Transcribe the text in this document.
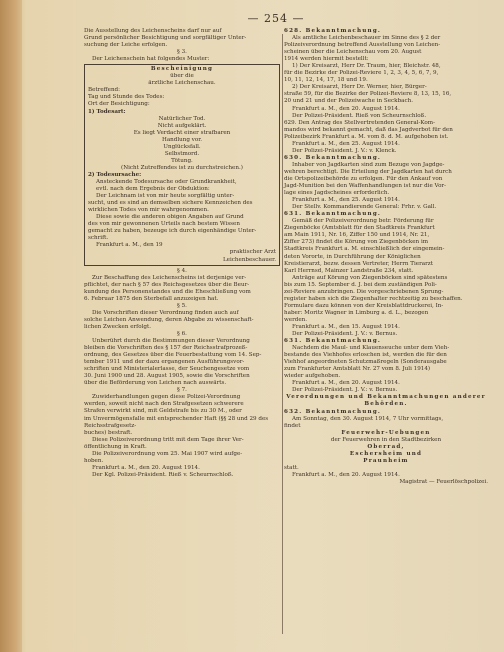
— 254 —

Die Ausstellung des Leichenscheins darf nur auf

Grund persönlicher Besichtigung und sorgfältiger Unter-

suchung der Leiche erfolgen.

§ 3.

Der Leichenschein hat folgendes Muster:

Bescheinigung

über die

ärztliche Leichenschau.

Betreffend:

Tag und Stunde des Todes:

Ort der Besichtigung:

1) Todesart:

Natürlicher Tod.

Nicht aufgeklärt.

Es liegt Verdacht einer strafbaren

Handlung vor.

Unglücksfall.

Selbstmord.

Tötung.

(Nicht Zutreffendes ist zu durchstreichen.)

2) Todesursache:

Ansteckende Todesursache oder Grundkrankheit,

evtl. nach dem Ergebnis der Obduktion:

Der Leichnam ist von mir heute sorgfältig unter-

sucht, und es sind an demselben sichere Kennzeichen des

wirklichen Todes von mir wahrgenommen.

Diese sowie die anderen obigen Angaben auf Grund

des von mir gewonnenen Urteils nach bestem Wissen

gemacht zu haben, bezeuge ich durch eigenhändige Unter-

schrift.

Frankfurt a. M., den 19

praktischer Arzt

Leichenbeschauer.

§ 4.

Zur Beschaffung des Leichenscheins ist derjenige ver-

pflichtet, der nach § 57 des Reichsgesetzes über die Beur-

kundung des Personenstandes und die Eheschließung vom

6. Februar 1875 den Sterbefall anzuzeigen hat.

§ 5.

Die Vorschriften dieser Verordnung finden auch auf

solche Leichen Anwendung, deren Abgabe zu wissenschaft-

lichen Zwecken erfolgt.

§ 6.

Unberührt durch die Bestimmungen dieser Verordnung

bleiben die Vorschriften des § 157 der Reichsstrafprozeß-

ordnung, des Gesetzes über die Feuerbestattung vom 14. Sep-

tember 1911 und der dazu ergangenen Ausführungsvor-

schriften und Ministerialerlasse, der Seuchengesetze vom

30. Juni 1900 und 28. August 1905, sowie die Vorschriften

über die Beförderung von Leichen nach auswärts.

§ 7.

Zuwiderhandlungen gegen diese Polizei-Verordnung

werden, soweit nicht nach den Strafgesetzen schwerere

Strafen verwirkt sind, mit Geldstrafe bis zu 30 M., oder

im Unvermögensfalle mit entsprechender Haft (§§ 28 und 29 des Reichsstrafgesetz-

buches) bestraft.

Diese Polizeiverordnung tritt mit dem Tage ihrer Ver-

öffentlichung in Kraft.

Die Polizeiverordnung vom 25. Mai 1907 wird aufge-

hoben.

Frankfurt a. M., den 20. August 1914.

Der Kgl. Polizei-Präsident. Rieß v. Scheurnschloß.

628. Bekanntmachung.

Als amtliche Leichenbeschauer im Sinne des § 2 der

Polizeiverordnung betreffend Ausstellung von Leichen-

scheinen über die Leichenschau vom 20. August

1914 werden hiermit bestellt:

1) Der Kreisarzt, Herr Dr. Traum, hier, Bleichstr. 48,

für die Bezirke der Polizei-Reviere 1, 2, 3, 4, 5, 6, 7, 9,

10, 11, 12, 14, 17, 18 und 19.

2) Der Kreisarzt, Herr Dr. Werner, hier, Bürger-

straße 59, für die Bezirke der Polizei-Reviere 8, 13, 15, 16,

20 und 21 und der Polizeiwache in Seckbach.

Frankfurt a. M., den 20. August 1914.

Der Polizei-Präsident. Rieß von Scheurnschloß.

629. Den Antrag des Stellvertretenden General-Kom-

mandos wird bekannt gemacht, daß das Jagdverbot für den

Polizeibezirk Frankfurt a. M. vom 8. d. M. aufgehoben ist.

Frankfurt a. M., den 25. August 1914.

Der Polizei-Präsident. J. V.: v. Klenck.

630. Bekanntmachung.

Inhaber von Jagdkarten sind zum Bezuge von Jagdge-

wehren berechtigt. Die Erteilung der Jagdkarten hat durch

die Ortspolizeibehörde zu erfolgen. Für den Ankauf von

Jagd-Munition bei den Waffenhandlungen ist nur die Vor-

lage eines Jagdscheines erforderlich.

Frankfurt a. M., den 25. August 1914.

Der Stellv. Kommandierende General: Frhr. v. Gall.

631. Bekanntmachung.

Gemäß der Polizeiverordnung betr. Förderung für

Ziegenböcke (Amtsblatt für den Stadtkreis Frankfurt

am Main 1911, Nr. 16, Ziffer 150 und 1914, Nr. 21,

Ziffer 273) findet die Körung von Ziegenböcken im

Stadtkreis Frankfurt a. M. einschließlich der eingemein-

deten Vororte, in Durchführung der Königlichen

Kreistierarzt, bezw. dessen Vertreter, Herrn Tierarzt

Karl Herrnsd, Mainzer Landstraße 234, statt.

Anträge auf Körung von Ziegenböcken sind spätestens

bis zum 15. September d. J. bei dem zuständigen Poli-

zei-Reviere anzubringen. Die vorgeschriebenen Sprung-

register haben sich die Ziegenhalter rechtzeitig zu beschaffen.

Formulare dazu können von der Kreisblattdruckerei, In-

haber: Moritz Wagner in Limburg a. d. L., bezogen

werden.

Frankfurt a. M., den 15. August 1914.

Der Polizei-Präsident. J. V.: v. Bernus.

631. Bekanntmachung.

Nachdem die Maul- und Klauenseuche unter dem Vieh-

bestande des Viehhofes erloschen ist, werden die für den

Viehhof angeordneten Schutzmaßregeln (Sonderausgabe

zum Frankfurter Amtsblatt Nr. 27 vom 8. Juli 1914)

wieder aufgehoben.

Frankfurt a. M., den 20. August 1914.

Der Polizei-Präsident. J. V.: v. Bernus.

Verordnungen und Bekanntmachungen anderer

Behörden.

632. Bekanntmachung.

Am Sonntag, den 30. August 1914, 7 Uhr vormittags,

findet

Feuerwehr-Uebungen

der Feuerwehren in den Stadtbezirken

Oberrad,

Eschersheim und

Praunheim

statt.

Frankfurt a. M., den 20. August 1914.

Magistrat — Feuerlöschpolizei.
